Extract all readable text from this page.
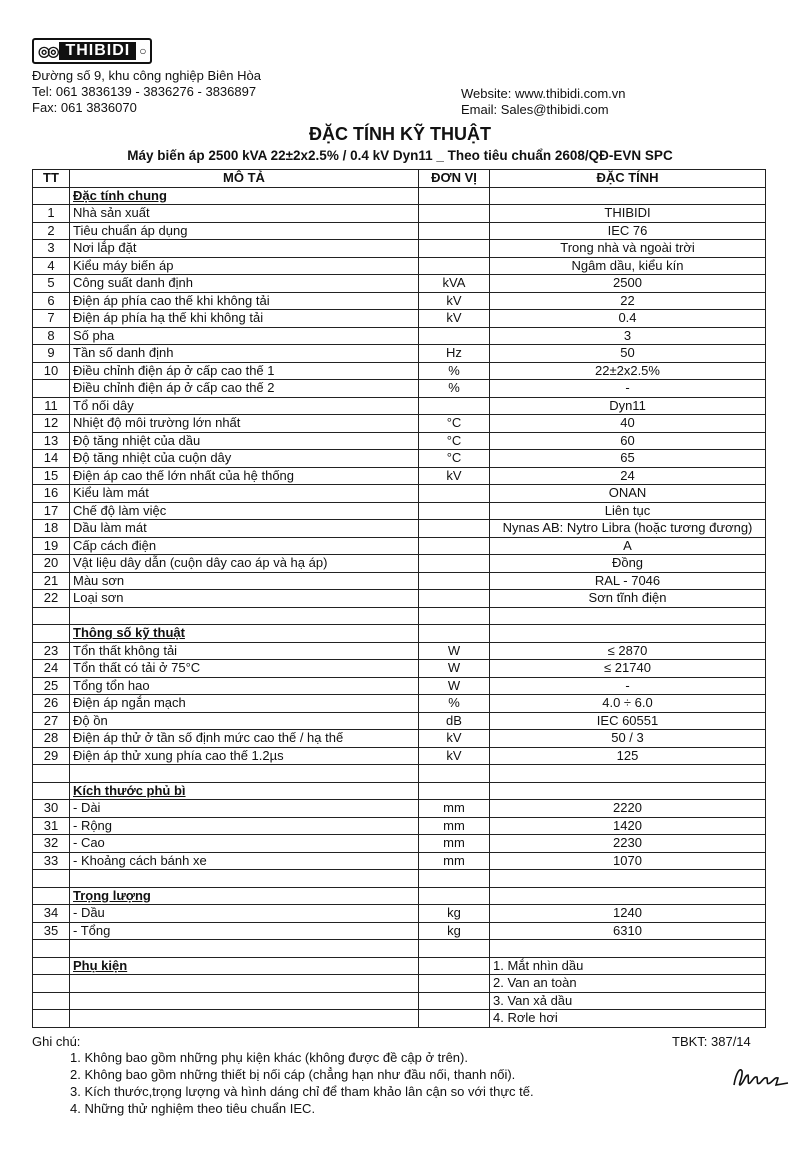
◎◎ THIBIDI ○
Đường số 9, khu công nghiệp Biên Hòa
Tel: 061 3836139 - 3836276 - 3836897
Fax: 061 3836070
Website: www.thibidi.com.vn
Email: Sales@thibidi.com
ĐẶC TÍNH KỸ THUẬT
Máy biến áp 2500 kVA 22±2x2.5% / 0.4 kV Dyn11 _ Theo tiêu chuẩn 2608/QĐ-EVN SPC
TT	MÔ TẢ	ĐƠN VỊ	ĐẶC TÍNH
	Đặc tính chung		
1	Nhà sản xuất		THIBIDI
2	Tiêu chuẩn áp dụng		IEC 76
3	Nơi lắp đặt		Trong nhà và ngoài trời
4	Kiểu máy biến áp		Ngâm dầu, kiểu kín
5	Công suất danh định	kVA	2500
6	Điện áp phía cao thế khi không tải	kV	22
7	Điện áp phía hạ thế khi không tải	kV	0.4
8	Số pha		3
9	Tần số danh định	Hz	50
10	Điều chỉnh điện áp ở cấp cao thế 1	%	22±2x2.5%
	Điều chỉnh điện áp ở cấp cao thế 2	%	-
11	Tổ nối dây		Dyn11
12	Nhiệt độ môi trường lớn nhất	°C	40
13	Độ tăng nhiệt của dầu	°C	60
14	Độ tăng nhiệt của cuộn dây	°C	65
15	Điện áp cao thế lớn nhất của hệ thống	kV	24
16	Kiểu làm mát		ONAN
17	Chế độ làm việc		Liên tục
18	Dầu làm mát		Nynas AB: Nytro Libra (hoặc tương đương)
19	Cấp cách điện		A
20	Vật liệu dây dẫn (cuộn dây cao áp và hạ áp)		Đồng
21	Màu sơn		RAL - 7046
22	Loại sơn		Sơn tĩnh điện

	Thông số kỹ thuật		
23	Tổn thất không tải	W	≤ 2870
24	Tổn thất có tải ở 75°C	W	≤ 21740
25	Tổng tổn hao	W	-
26	Điện áp ngắn mạch	%	4.0 ÷ 6.0
27	Độ ồn	dB	IEC 60551
28	Điện áp thử ở tần số định mức cao thế / hạ thế	kV	50 / 3
29	Điện áp thử xung phía cao thế 1.2µs	kV	125

	Kích thước phủ bì		
30	- Dài	mm	2220
31	- Rộng	mm	1420
32	- Cao	mm	2230
33	- Khoảng cách bánh xe	mm	1070

	Trọng lượng		
34	- Dầu	kg	1240
35	- Tổng	kg	6310

	Phụ kiện		1. Mắt nhìn dầu
			2. Van an toàn
			3. Van xả dầu
			4. Rơle hơi
Ghi chú:	TBKT: 387/14
1. Không bao gồm những phụ kiện khác (không được đề cập ở trên).
2. Không bao gồm những thiết bị nối cáp (chẳng hạn như đầu nối, thanh nối).
3. Kích thước,trọng lượng và hình dáng chỉ để tham khảo lân cận so với thực tế.
4. Những thử nghiệm theo tiêu chuẩn IEC.
